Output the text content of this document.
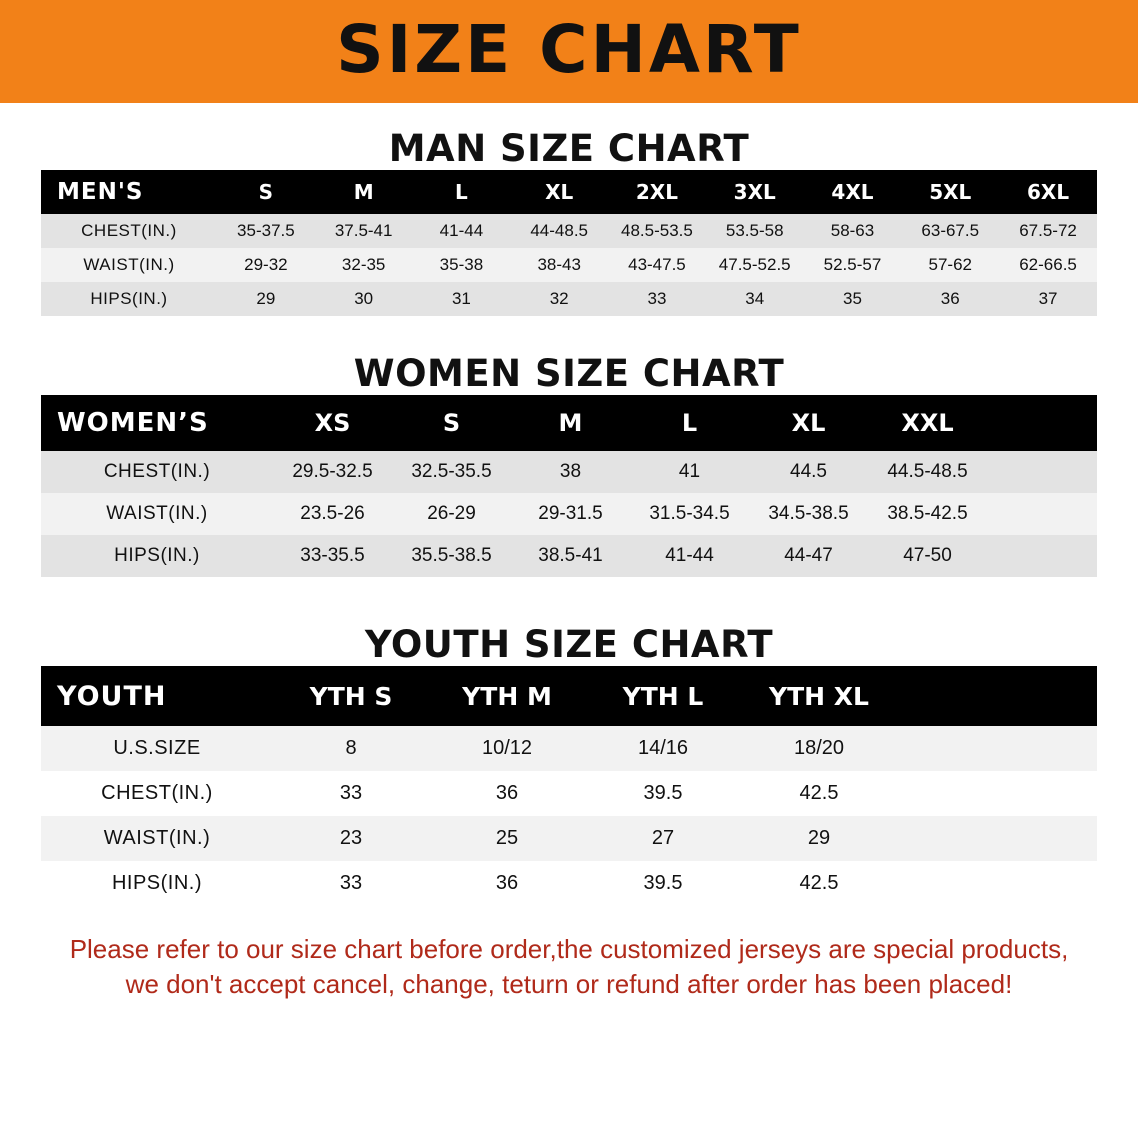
SIZE CHART
MAN SIZE CHART
MEN'S	S	M	L	XL	2XL	3XL	4XL	5XL	6XL
CHEST(IN.)	35-37.5	37.5-41	41-44	44-48.5	48.5-53.5	53.5-58	58-63	63-67.5	67.5-72
WAIST(IN.)	29-32	32-35	35-38	38-43	43-47.5	47.5-52.5	52.5-57	57-62	62-66.5
HIPS(IN.)	29	30	31	32	33	34	35	36	37
WOMEN SIZE CHART
WOMEN’S	XS	S	M	L	XL	XXL	
CHEST(IN.)	29.5-32.5	32.5-35.5	38	41	44.5	44.5-48.5	
WAIST(IN.)	23.5-26	26-29	29-31.5	31.5-34.5	34.5-38.5	38.5-42.5	
HIPS(IN.)	33-35.5	35.5-38.5	38.5-41	41-44	44-47	47-50	
YOUTH SIZE CHART
YOUTH	YTH S	YTH M	YTH L	YTH XL	
U.S.SIZE	8	10/12	14/16	18/20	
CHEST(IN.)	33	36	39.5	42.5	
WAIST(IN.)	23	25	27	29	
HIPS(IN.)	33	36	39.5	42.5	
Please refer to our size chart before order,the customized jerseys are special products,
we don't accept cancel, change, teturn or refund after order has been placed!
